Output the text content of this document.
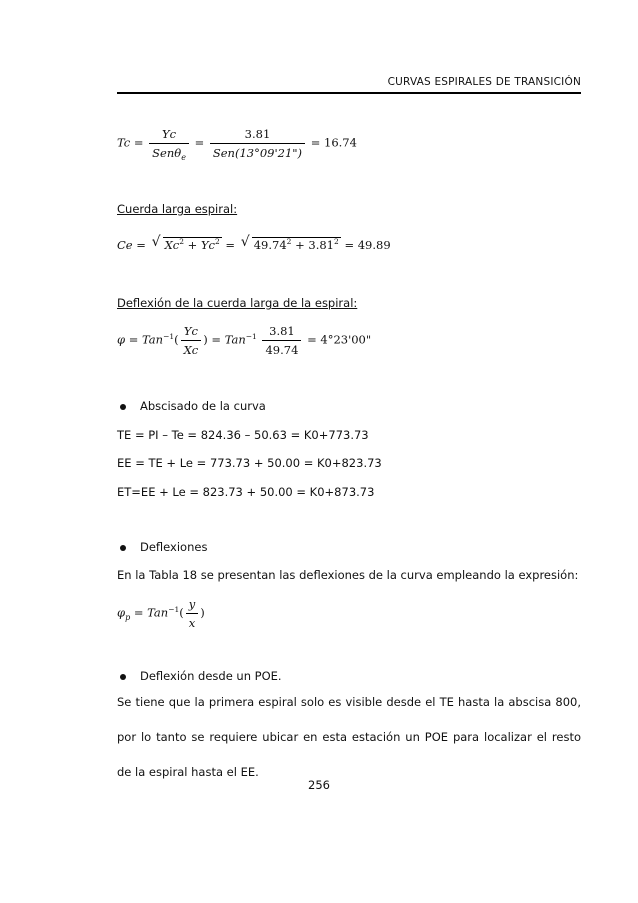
CURVAS ESPIRALES DE TRANSICIÓN
$Tc = \frac{Yc}{Sen\theta_e} = \frac{3.81}{\text{Sen(13°09'21")}} = 16.74$
Cuerda larga espiral:
Ce = √ $Xc^2 + Yc^2$ = √ $49.74^2 + 3.81^2 = 49.89$
Deflexión de la cuerda larga de la espiral:
$\varphi = Tan^{-1}( \frac{Yc}{Xc}$ ) = $Tan^{-1} \frac{3.81}{49.74} = 4^\circ 23'00$"
Abscisado de la curva
TE = PI – Te = 824.36 – 50.63 = K0+773.73
EE = TE + Le = 773.73 + 50.00 = K0+823.73
ET=EE + Le = 823.73 + 50.00 = K0+873.73
Deflexiones
En la Tabla 18 se presentan las deflexiones de la curva empleando la expresión:
$\varphi_p = Tan^{-1}( \frac{y}{x}$ )
Deflexión desde un POE.
Se tiene que la primera espiral solo es visible desde el TE hasta la abscisa 800, por lo tanto se requiere ubicar en esta estación un POE para localizar el resto de la espiral hasta el EE.
256
